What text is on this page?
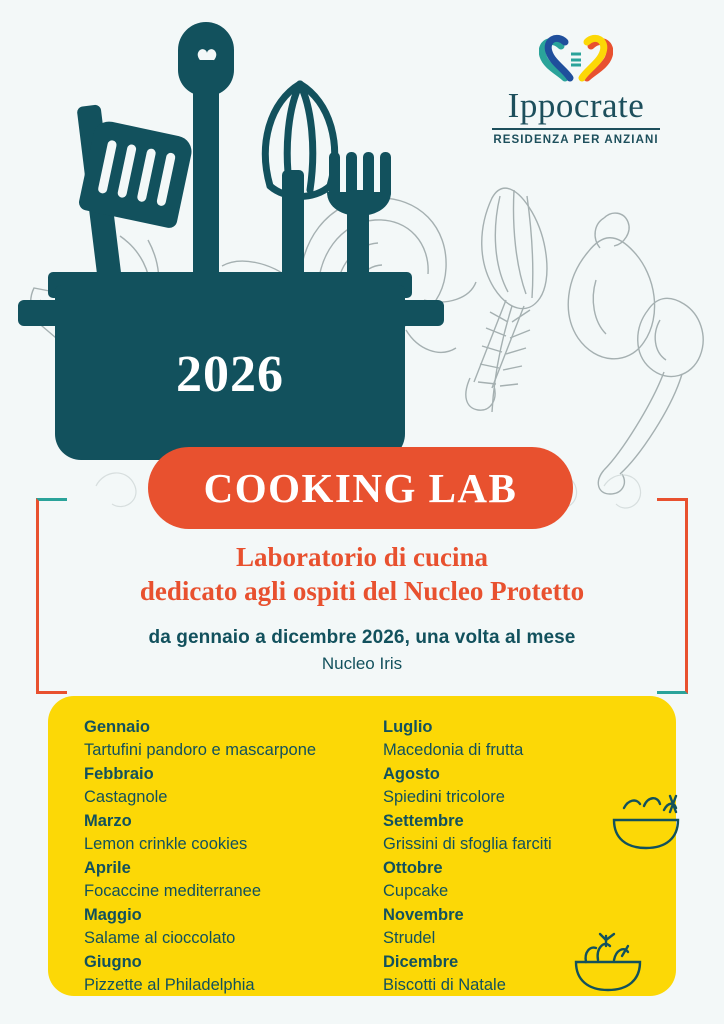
Ippocrate
RESIDENZA PER ANZIANI
2026
COOKING LAB
Laboratorio di cucina
dedicato agli ospiti del Nucleo Protetto
da gennaio a dicembre 2026, una volta al mese
Nucleo Iris
Gennaio
Tartufini pandoro e mascarpone
Febbraio
Castagnole
Marzo
Lemon crinkle cookies
Aprile
Focaccine mediterranee
Maggio
Salame al cioccolato
Giugno
Pizzette al Philadelphia
Luglio
Macedonia di frutta
Agosto
Spiedini tricolore
Settembre
Grissini di sfoglia farciti
Ottobre
Cupcake
Novembre
Strudel
Dicembre
Biscotti di Natale
